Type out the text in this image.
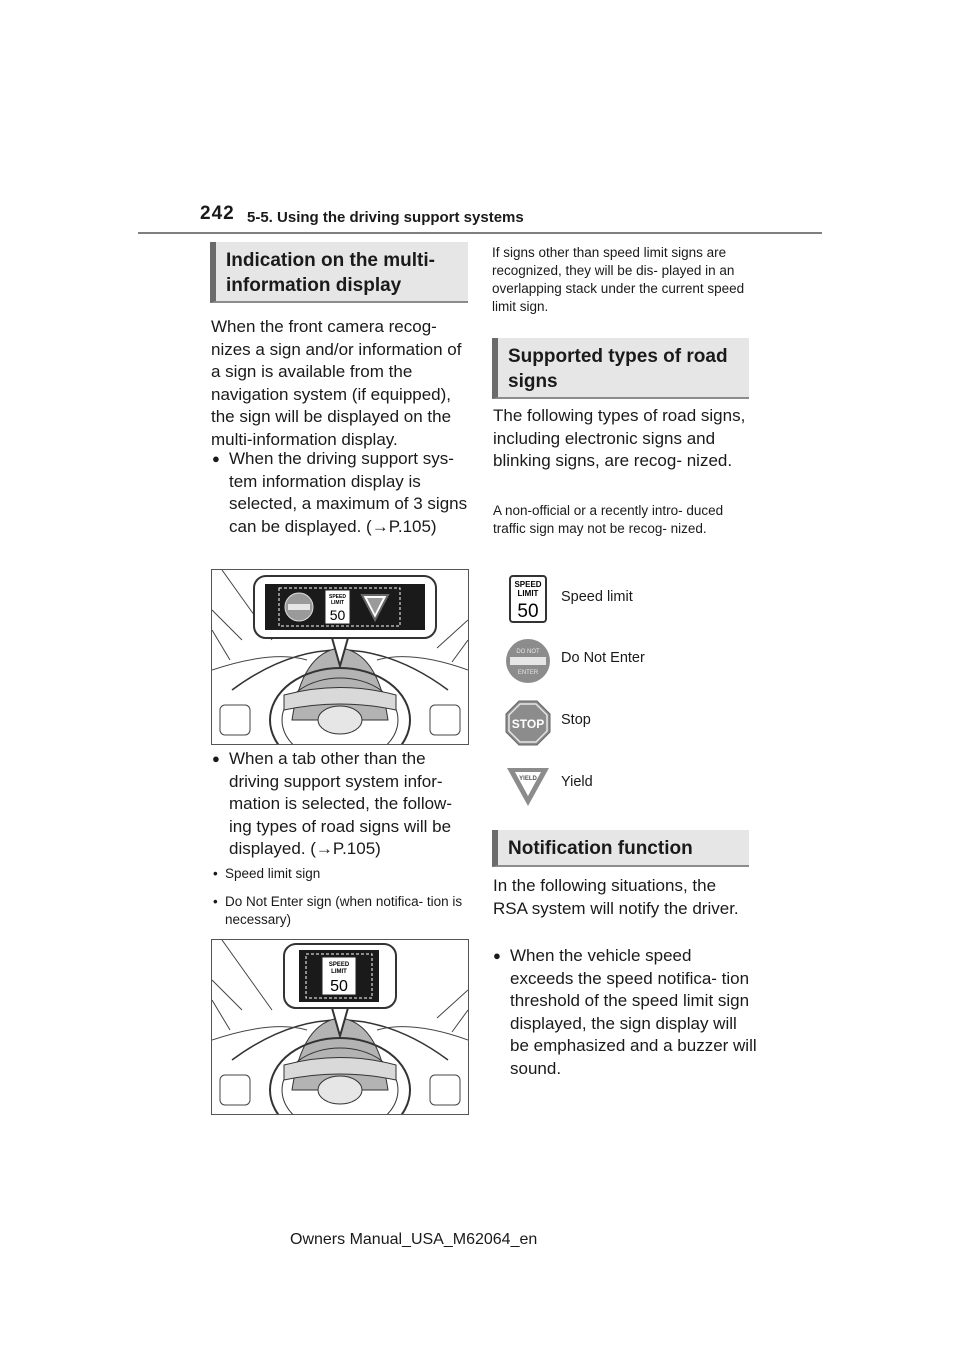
242 5-5. Using the driving support systems
Indication on the multi-
information display
When the front camera recog- nizes a sign and/or information of a sign is available from the navigation system (if equipped), the sign will be displayed on the multi-information display.
● When the driving support sys- tem information display is selected, a maximum of 3 signs can be displayed. (→P.105)
SPEED
LIMIT
50
● When a tab other than the driving support system infor- mation is selected, the follow- ing types of road signs will be displayed. (→P.105)
• Speed limit sign
• Do Not Enter sign (when notifica- tion is necessary)
SPEED
LIMIT
50
If signs other than speed limit signs are recognized, they will be dis- played in an overlapping stack under the current speed limit sign.
Supported types of road
signs
The following types of road signs, including electronic signs and blinking signs, are recog- nized.
A non-official or a recently intro- duced traffic sign may not be recog- nized.
SPEED
LIMIT
50
Speed limit
DO NOT
ENTER
Do Not Enter
STOP Stop
YIELD Yield
Notification function
In the following situations, the RSA system will notify the driver.
● When the vehicle speed exceeds the speed notifica- tion threshold of the speed limit sign displayed, the sign display will be emphasized and a buzzer will sound.
Owners Manual_USA_M62064_en
